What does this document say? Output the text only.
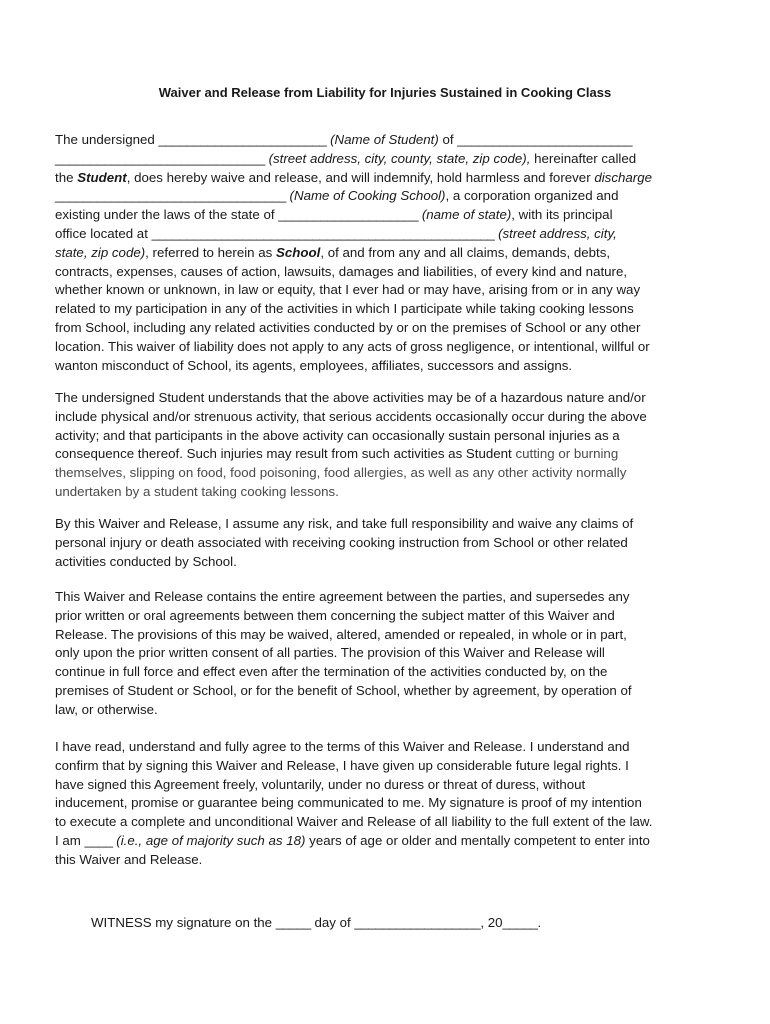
Waiver and Release from Liability for Injuries Sustained in Cooking Class
The undersigned ________________________ (Name of Student) of _________________________
______________________________ (street address, city, county, state, zip code), hereinafter called
the Student, does hereby waive and release, and will indemnify, hold harmless and forever discharge
_________________________________ (Name of Cooking School), a corporation organized and
existing under the laws of the state of ____________________ (name of state), with its principal
office located at _________________________________________________ (street address, city,
state, zip code), referred to herein as School, of and from any and all claims, demands, debts,
contracts, expenses, causes of action, lawsuits, damages and liabilities, of every kind and nature,
whether known or unknown, in law or equity, that I ever had or may have, arising from or in any way
related to my participation in any of the activities in which I participate while taking cooking lessons
from School, including any related activities conducted by or on the premises of School or any other
location. This waiver of liability does not apply to any acts of gross negligence, or intentional, willful or
wanton misconduct of School, its agents, employees, affiliates, successors and assigns.
The undersigned Student understands that the above activities may be of a hazardous nature and/or
include physical and/or strenuous activity, that serious accidents occasionally occur during the above
activity; and that participants in the above activity can occasionally sustain personal injuries as a
consequence thereof. Such injuries may result from such activities as Student cutting or burning
themselves, slipping on food, food poisoning, food allergies, as well as any other activity normally
undertaken by a student taking cooking lessons.
By this Waiver and Release, I assume any risk, and take full responsibility and waive any claims of
personal injury or death associated with receiving cooking instruction from School or other related
activities conducted by School.
This Waiver and Release contains the entire agreement between the parties, and supersedes any
prior written or oral agreements between them concerning the subject matter of this Waiver and
Release. The provisions of this may be waived, altered, amended or repealed, in whole or in part,
only upon the prior written consent of all parties. The provision of this Waiver and Release will
continue in full force and effect even after the termination of the activities conducted by, on the
premises of Student or School, or for the benefit of School, whether by agreement, by operation of
law, or otherwise.
I have read, understand and fully agree to the terms of this Waiver and Release. I understand and
confirm that by signing this Waiver and Release, I have given up considerable future legal rights. I
have signed this Agreement freely, voluntarily, under no duress or threat of duress, without
inducement, promise or guarantee being communicated to me. My signature is proof of my intention
to execute a complete and unconditional Waiver and Release of all liability to the full extent of the law.
I am ____ (i.e., age of majority such as 18) years of age or older and mentally competent to enter into
this Waiver and Release.
WITNESS my signature on the _____ day of __________________, 20_____.
